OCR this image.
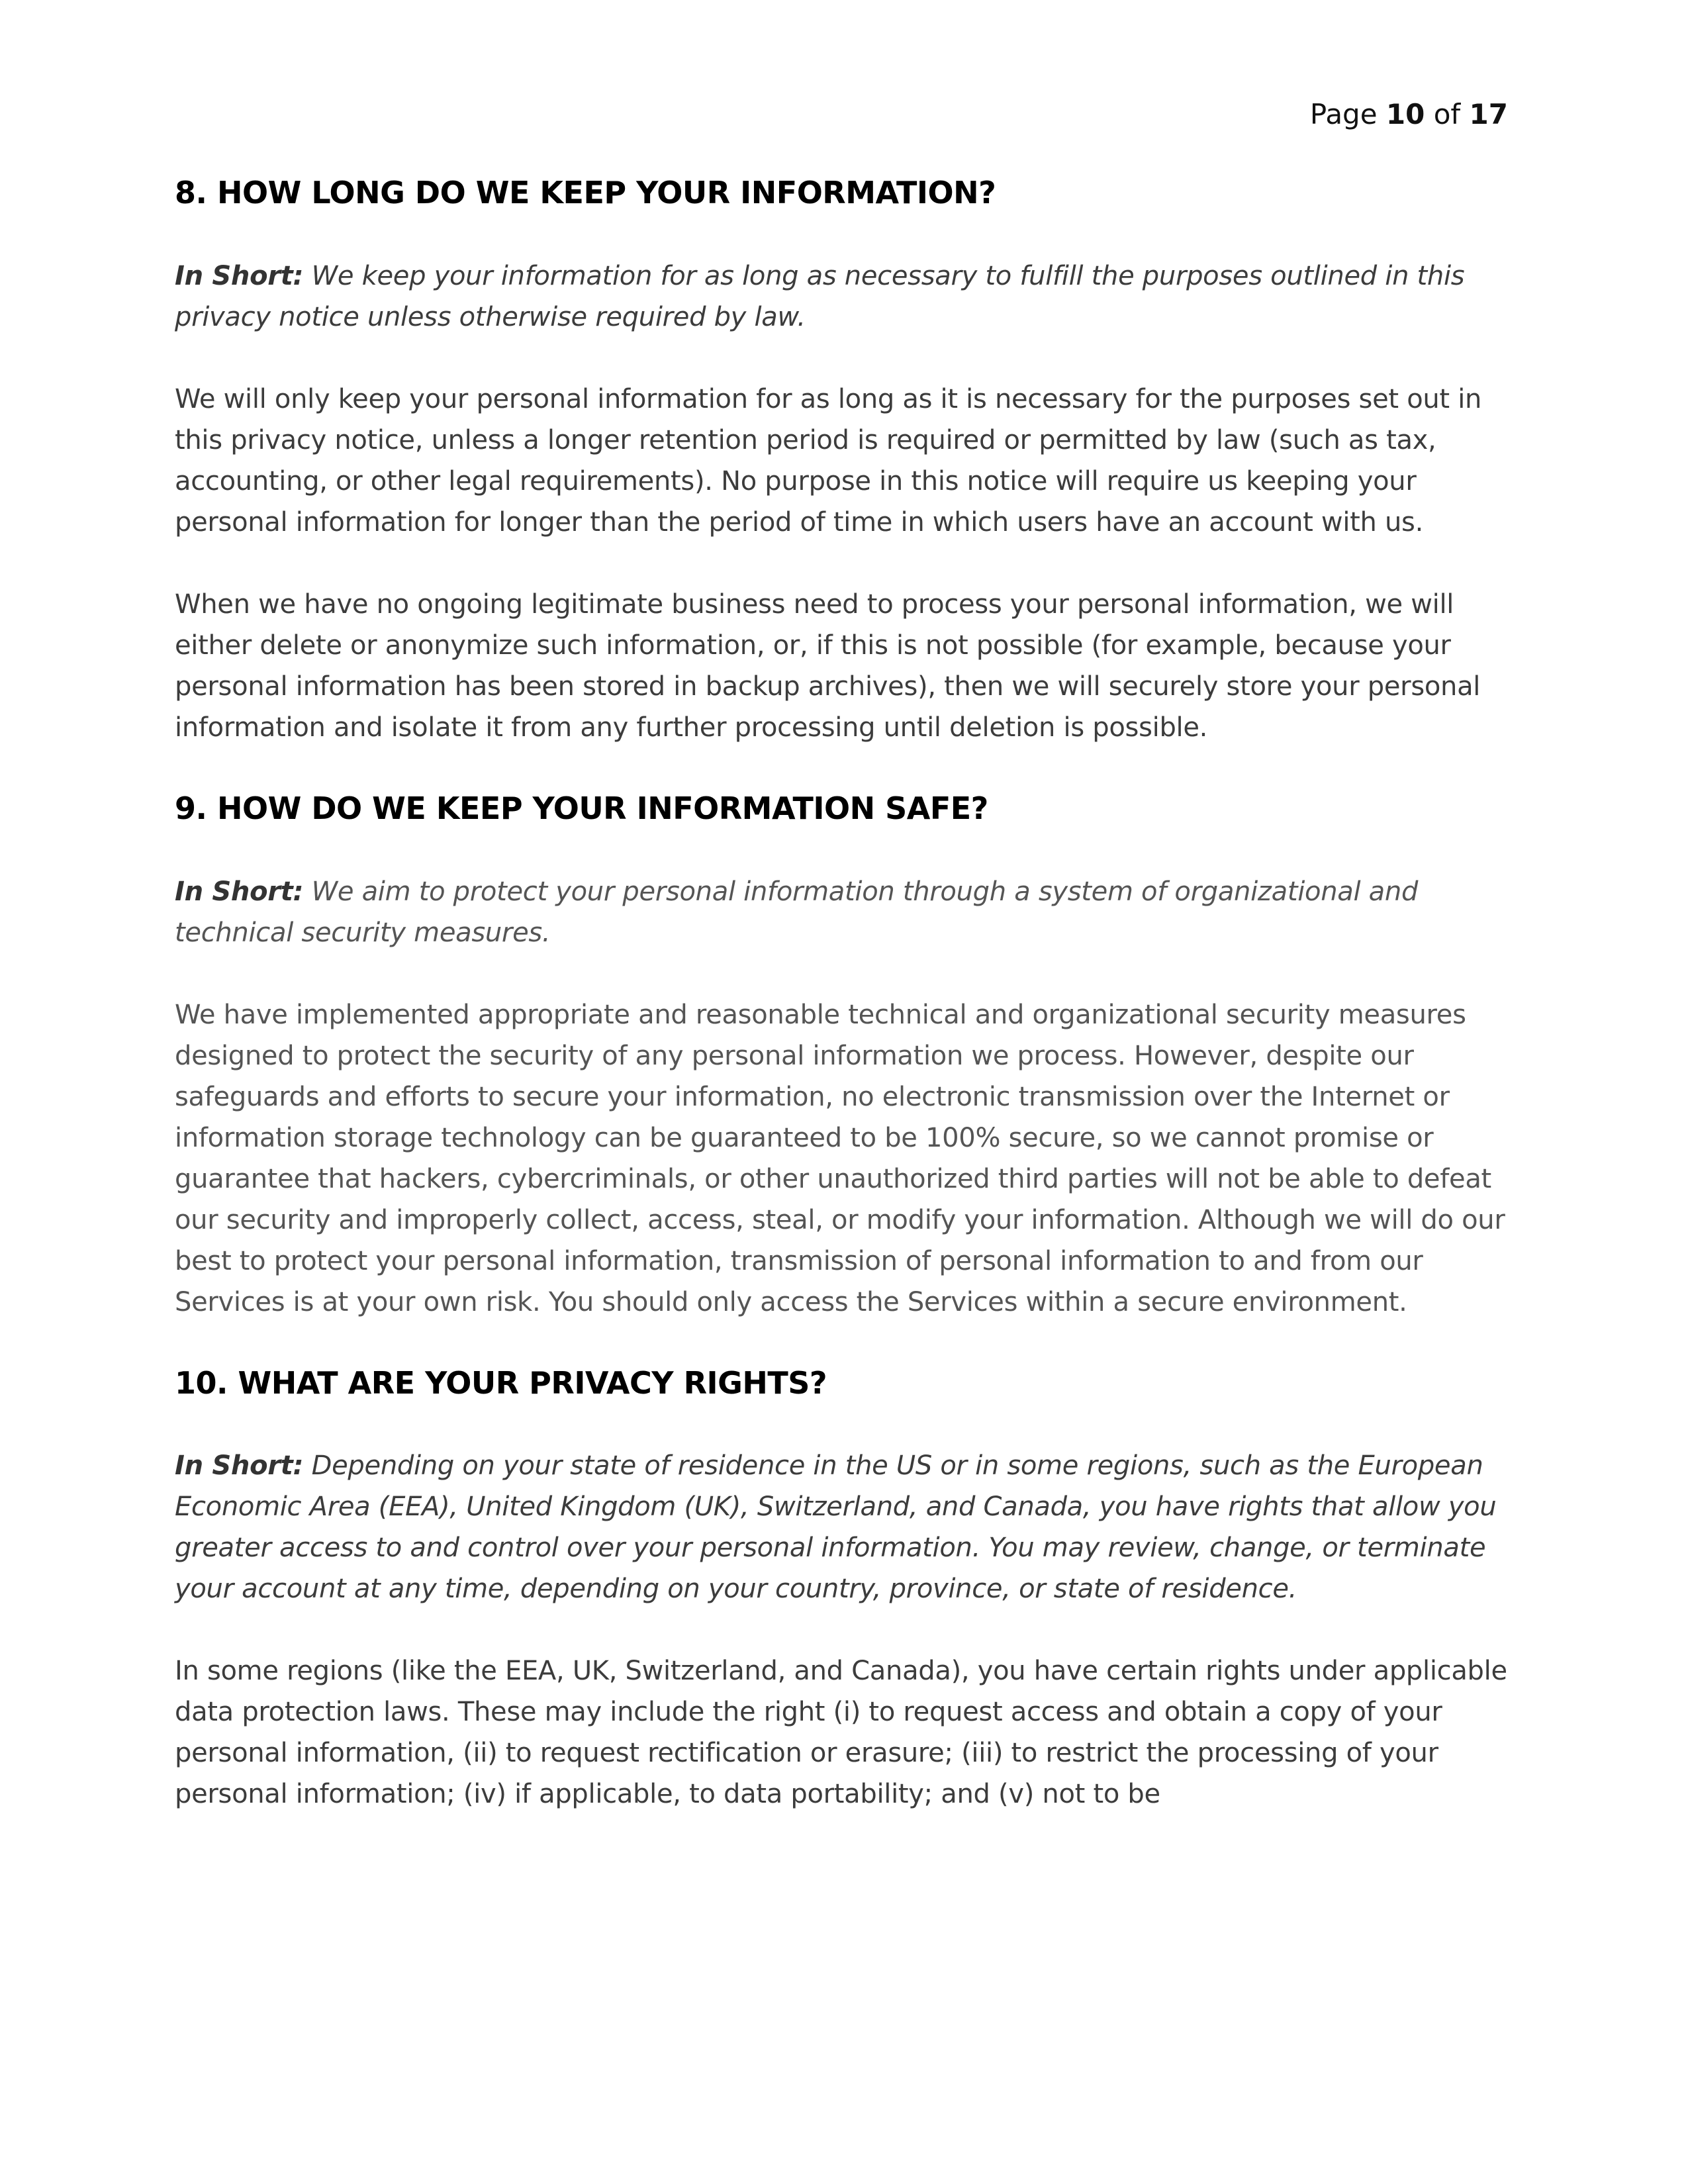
Page 10 of 17
8. HOW LONG DO WE KEEP YOUR INFORMATION?

In Short: We keep your information for as long as necessary to fulfill the purposes outlined in this privacy notice unless otherwise required by law.

We will only keep your personal information for as long as it is necessary for the purposes set out in this privacy notice, unless a longer retention period is required or permitted by law (such as tax, accounting, or other legal requirements). No purpose in this notice will require us keeping your personal information for longer than the period of time in which users have an account with us.

When we have no ongoing legitimate business need to process your personal information, we will either delete or anonymize such information, or, if this is not possible (for example, because your personal information has been stored in backup archives), then we will securely store your personal information and isolate it from any further processing until deletion is possible.

9. HOW DO WE KEEP YOUR INFORMATION SAFE?

In Short: We aim to protect your personal information through a system of organizational and technical security measures.

We have implemented appropriate and reasonable technical and organizational security measures designed to protect the security of any personal information we process. However, despite our safeguards and efforts to secure your information, no electronic transmission over the Internet or information storage technology can be guaranteed to be 100% secure, so we cannot promise or guarantee that hackers, cybercriminals, or other unauthorized third parties will not be able to defeat our security and improperly collect, access, steal, or modify your information. Although we will do our best to protect your personal information, transmission of personal information to and from our Services is at your own risk. You should only access the Services within a secure environment.

10. WHAT ARE YOUR PRIVACY RIGHTS?

In Short: Depending on your state of residence in the US or in some regions, such as the European Economic Area (EEA), United Kingdom (UK), Switzerland, and Canada, you have rights that allow you greater access to and control over your personal information. You may review, change, or terminate your account at any time, depending on your country, province, or state of residence.

In some regions (like the EEA, UK, Switzerland, and Canada), you have certain rights under applicable data protection laws. These may include the right (i) to request access and obtain a copy of your personal information, (ii) to request rectification or erasure; (iii) to restrict the processing of your personal information; (iv) if applicable, to data portability; and (v) not to be
